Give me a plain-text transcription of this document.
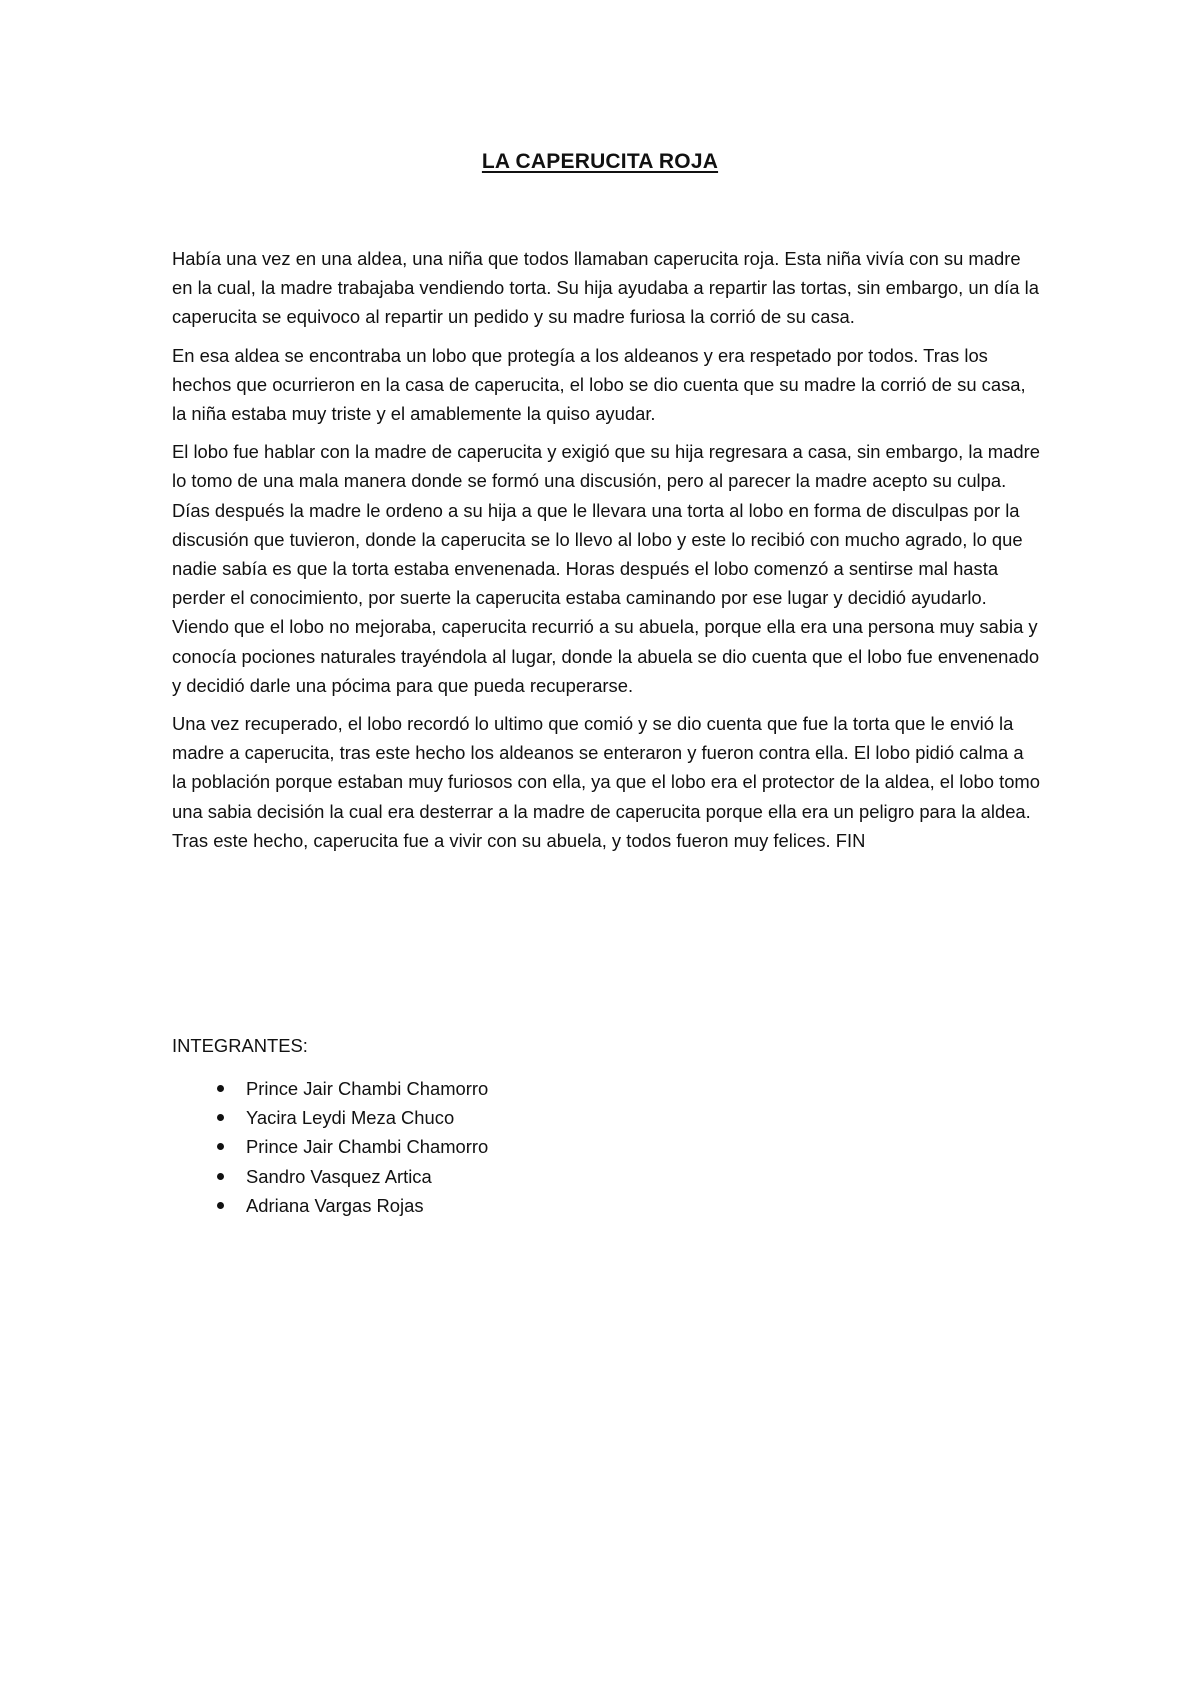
LA CAPERUCITA ROJA

Había una vez en una aldea, una niña que todos llamaban caperucita roja. Esta niña vivía con su madre en la cual, la madre trabajaba vendiendo torta. Su hija ayudaba a repartir las tortas, sin embargo, un día la caperucita se equivoco al repartir un pedido y su madre furiosa la corrió de su casa.

En esa aldea se encontraba un lobo que protegía a los aldeanos y era respetado por todos. Tras los hechos que ocurrieron en la casa de caperucita, el lobo se dio cuenta que su madre la corrió de su casa, la niña estaba muy triste y el amablemente la quiso ayudar.

El lobo fue hablar con la madre de caperucita y exigió que su hija regresara a casa, sin embargo, la madre lo tomo de una mala manera donde se formó una discusión, pero al parecer la madre acepto su culpa. Días después la madre le ordeno a su hija a que le llevara una torta al lobo en forma de disculpas por la discusión que tuvieron, donde la caperucita se lo llevo al lobo y este lo recibió con mucho agrado, lo que nadie sabía es que la torta estaba envenenada. Horas después el lobo comenzó a sentirse mal hasta perder el conocimiento, por suerte la caperucita estaba caminando por ese lugar y decidió ayudarlo. Viendo que el lobo no mejoraba, caperucita recurrió a su abuela, porque ella era una persona muy sabia y conocía pociones naturales trayéndola al lugar, donde la abuela se dio cuenta que el lobo fue envenenado y decidió darle una pócima para que pueda recuperarse.

Una vez recuperado, el lobo recordó lo ultimo que comió y se dio cuenta que fue la torta que le envió la madre a caperucita, tras este hecho los aldeanos se enteraron y fueron contra ella. El lobo pidió calma a la población porque estaban muy furiosos con ella, ya que el lobo era el protector de la aldea, el lobo tomo una sabia decisión la cual era desterrar a la madre de caperucita porque ella era un peligro para la aldea. Tras este hecho, caperucita fue a vivir con su abuela, y todos fueron muy felices. FIN

INTEGRANTES:
Prince Jair Chambi Chamorro
Yacira Leydi Meza Chuco
Prince Jair Chambi Chamorro
Sandro Vasquez Artica
Adriana Vargas Rojas
